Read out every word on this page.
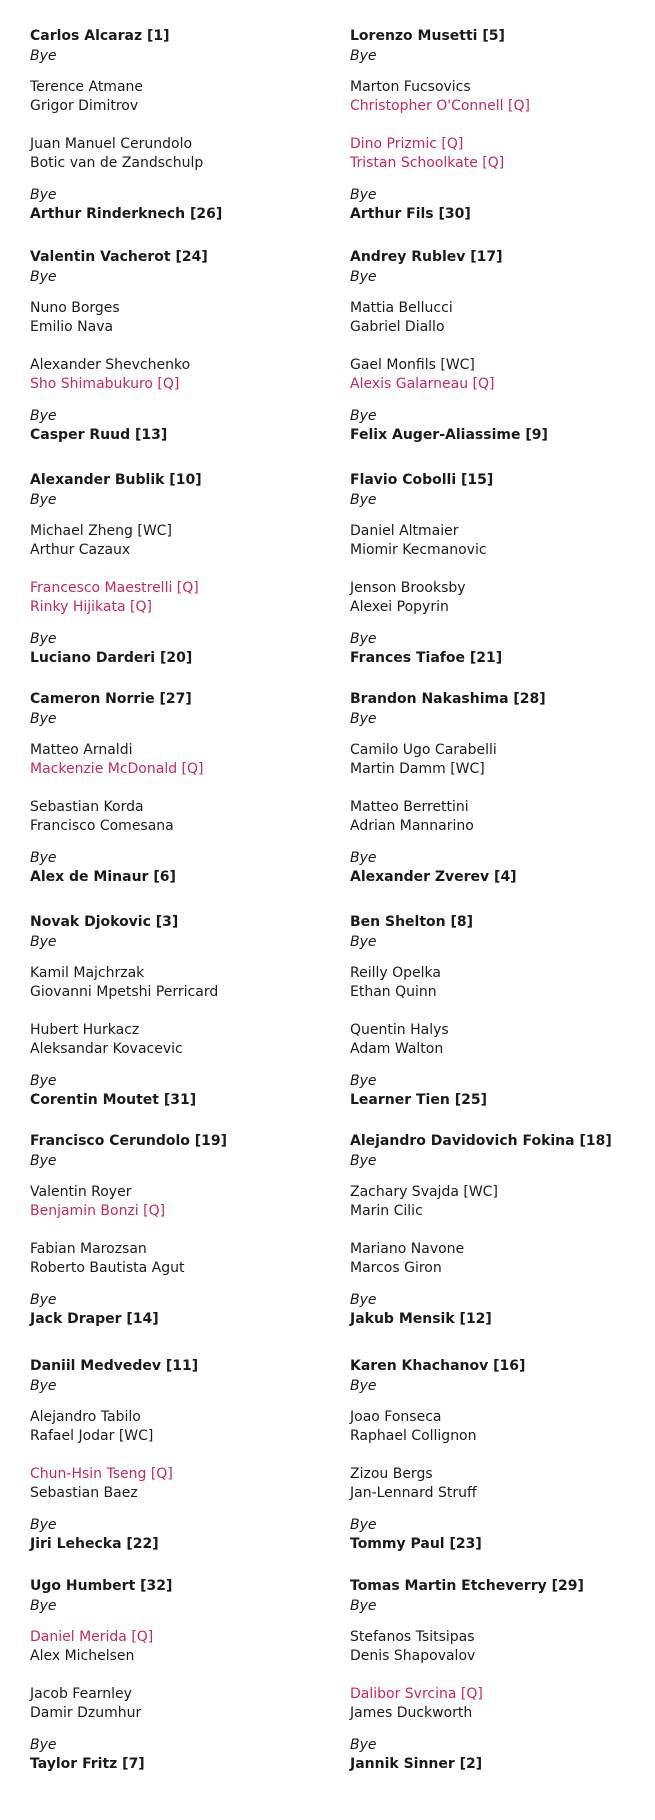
Carlos Alcaraz [1]
Bye
Terence Atmane
Grigor Dimitrov
Juan Manuel Cerundolo
Botic van de Zandschulp
Bye
Arthur Rinderknech [26]
Valentin Vacherot [24]
Bye
Nuno Borges
Emilio Nava
Alexander Shevchenko
Sho Shimabukuro [Q]
Bye
Casper Ruud [13]
Alexander Bublik [10]
Bye
Michael Zheng [WC]
Arthur Cazaux
Francesco Maestrelli [Q]
Rinky Hijikata [Q]
Bye
Luciano Darderi [20]
Cameron Norrie [27]
Bye
Matteo Arnaldi
Mackenzie McDonald [Q]
Sebastian Korda
Francisco Comesana
Bye
Alex de Minaur [6]
Novak Djokovic [3]
Bye
Kamil Majchrzak
Giovanni Mpetshi Perricard
Hubert Hurkacz
Aleksandar Kovacevic
Bye
Corentin Moutet [31]
Francisco Cerundolo [19]
Bye
Valentin Royer
Benjamin Bonzi [Q]
Fabian Marozsan
Roberto Bautista Agut
Bye
Jack Draper [14]
Daniil Medvedev [11]
Bye
Alejandro Tabilo
Rafael Jodar [WC]
Chun-Hsin Tseng [Q]
Sebastian Baez
Bye
Jiri Lehecka [22]
Ugo Humbert [32]
Bye
Daniel Merida [Q]
Alex Michelsen
Jacob Fearnley
Damir Dzumhur
Bye
Taylor Fritz [7]
Lorenzo Musetti [5]
Bye
Marton Fucsovics
Christopher O'Connell [Q]
Dino Prizmic [Q]
Tristan Schoolkate [Q]
Bye
Arthur Fils [30]
Andrey Rublev [17]
Bye
Mattia Bellucci
Gabriel Diallo
Gael Monfils [WC]
Alexis Galarneau [Q]
Bye
Felix Auger-Aliassime [9]
Flavio Cobolli [15]
Bye
Daniel Altmaier
Miomir Kecmanovic
Jenson Brooksby
Alexei Popyrin
Bye
Frances Tiafoe [21]
Brandon Nakashima [28]
Bye
Camilo Ugo Carabelli
Martin Damm [WC]
Matteo Berrettini
Adrian Mannarino
Bye
Alexander Zverev [4]
Ben Shelton [8]
Bye
Reilly Opelka
Ethan Quinn
Quentin Halys
Adam Walton
Bye
Learner Tien [25]
Alejandro Davidovich Fokina [18]
Bye
Zachary Svajda [WC]
Marin Cilic
Mariano Navone
Marcos Giron
Bye
Jakub Mensik [12]
Karen Khachanov [16]
Bye
Joao Fonseca
Raphael Collignon
Zizou Bergs
Jan-Lennard Struff
Bye
Tommy Paul [23]
Tomas Martin Etcheverry [29]
Bye
Stefanos Tsitsipas
Denis Shapovalov
Dalibor Svrcina [Q]
James Duckworth
Bye
Jannik Sinner [2]
